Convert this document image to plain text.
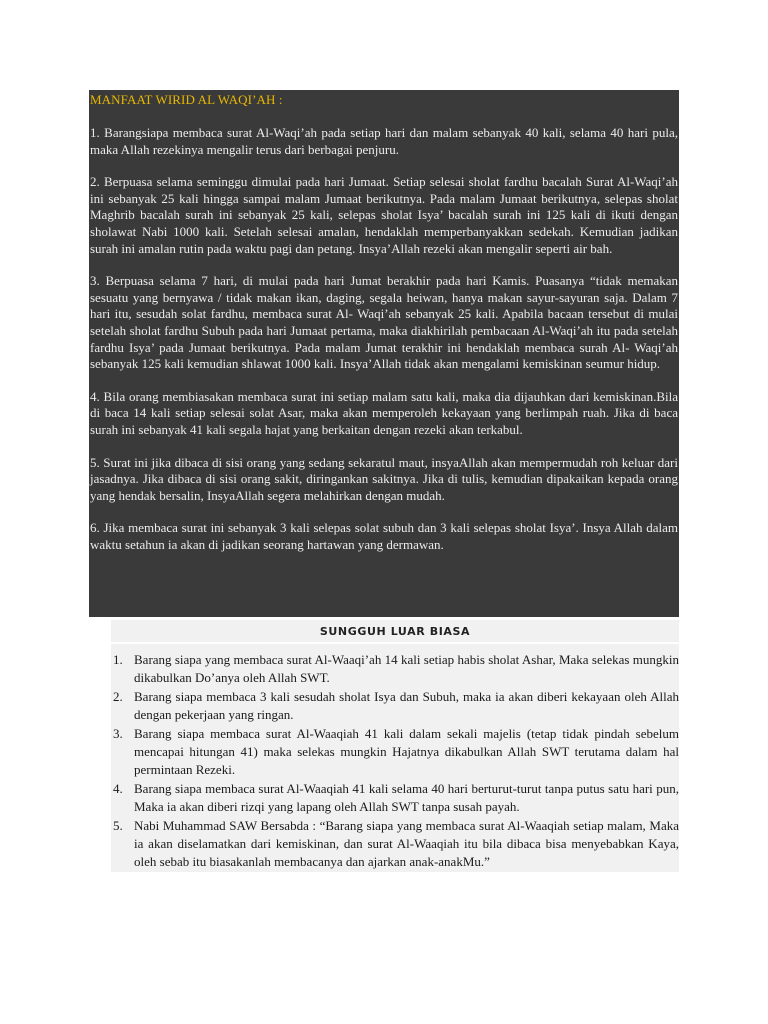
MANFAAT WIRID AL WAQI’AH :

1. Barangsiapa membaca surat Al-Waqi’ah pada setiap hari dan malam sebanyak 40 kali, selama 40 hari pula, maka Allah rezekinya mengalir terus dari berbagai penjuru.

2. Berpuasa selama seminggu dimulai pada hari Jumaat. Setiap selesai sholat fardhu bacalah Surat Al-Waqi’ah ini sebanyak 25 kali hingga sampai malam Jumaat berikutnya. Pada malam Jumaat berikutnya, selepas sholat Maghrib bacalah surah ini sebanyak 25 kali, selepas sholat Isya’ bacalah surah ini 125 kali di ikuti dengan sholawat Nabi 1000 kali. Setelah selesai amalan, hendaklah memperbanyakkan sedekah. Kemudian jadikan surah ini amalan rutin pada waktu pagi dan petang. Insya’Allah rezeki akan mengalir seperti air bah.

3. Berpuasa selama 7 hari, di mulai pada hari Jumat berakhir pada hari Kamis. Puasanya “tidak memakan sesuatu yang bernyawa / tidak makan ikan, daging, segala heiwan, hanya makan sayur-sayuran saja. Dalam 7 hari itu, sesudah solat fardhu, membaca surat Al- Waqi’ah sebanyak 25 kali. Apabila bacaan tersebut di mulai setelah sholat fardhu Subuh pada hari Jumaat pertama, maka diakhirilah pembacaan Al-Waqi’ah itu pada setelah fardhu Isya’ pada Jumaat berikutnya. Pada malam Jumat terakhir ini hendaklah membaca surah Al- Waqi’ah sebanyak 125 kali kemudian shlawat 1000 kali. Insya’Allah tidak akan mengalami kemiskinan seumur hidup.

4. Bila orang membiasakan membaca surat ini setiap malam satu kali, maka dia dijauhkan dari kemiskinan.Bila di baca 14 kali setiap selesai solat Asar, maka akan memperoleh kekayaan yang berlimpah ruah. Jika di baca surah ini sebanyak 41 kali segala hajat yang berkaitan dengan rezeki akan terkabul.

5. Surat ini jika dibaca di sisi orang yang sedang sekaratul maut, insyaAllah akan mempermudah roh keluar dari jasadnya. Jika dibaca di sisi orang sakit, diringankan sakitnya. Jika di tulis, kemudian dipakaikan kepada orang yang hendak bersalin, InsyaAllah segera melahirkan dengan mudah.

6. Jika membaca surat ini sebanyak 3 kali selepas solat subuh dan 3 kali selepas sholat Isya’. Insya Allah dalam waktu setahun ia akan di jadikan seorang hartawan yang dermawan.

SUNGGUH LUAR BIASA

1. Barang siapa yang membaca surat Al-Waaqi’ah 14 kali setiap habis sholat Ashar, Maka selekas mungkin dikabulkan Do’anya oleh Allah SWT.
2. Barang siapa membaca 3 kali sesudah sholat Isya dan Subuh, maka ia akan diberi kekayaan oleh Allah dengan pekerjaan yang ringan.
3. Barang siapa membaca surat Al-Waaqiah 41 kali dalam sekali majelis (tetap tidak pindah sebelum mencapai hitungan 41) maka selekas mungkin Hajatnya dikabulkan Allah SWT terutama dalam hal permintaan Rezeki.
4. Barang siapa membaca surat Al-Waaqiah 41 kali selama 40 hari berturut-turut tanpa putus satu hari pun, Maka ia akan diberi rizqi yang lapang oleh Allah SWT tanpa susah payah.
5. Nabi Muhammad SAW Bersabda : “Barang siapa yang membaca surat Al-Waaqiah setiap malam, Maka ia akan diselamatkan dari kemiskinan, dan surat Al-Waaqiah itu bila dibaca bisa menyebabkan Kaya, oleh sebab itu biasakanlah membacanya dan ajarkan anak-anakMu.”
